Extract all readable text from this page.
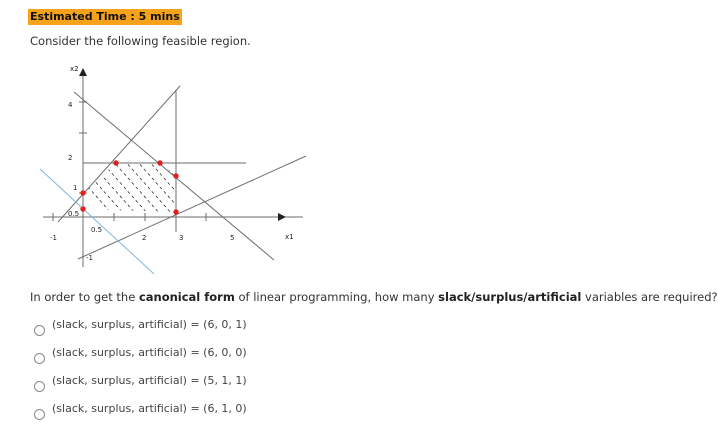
Estimated Time : 5 mins
Consider the following feasible region.
x2
x1
-1
0.5
2	3	5
4
2
1
0.5
-1
In order to get the canonical form of linear programming, how many slack/surplus/artificial variables are required?
(slack, surplus, artificial) = (6, 0, 1)
(slack, surplus, artificial) = (6, 0, 0)
(slack, surplus, artificial) = (5, 1, 1)
(slack, surplus, artificial) = (6, 1, 0)
